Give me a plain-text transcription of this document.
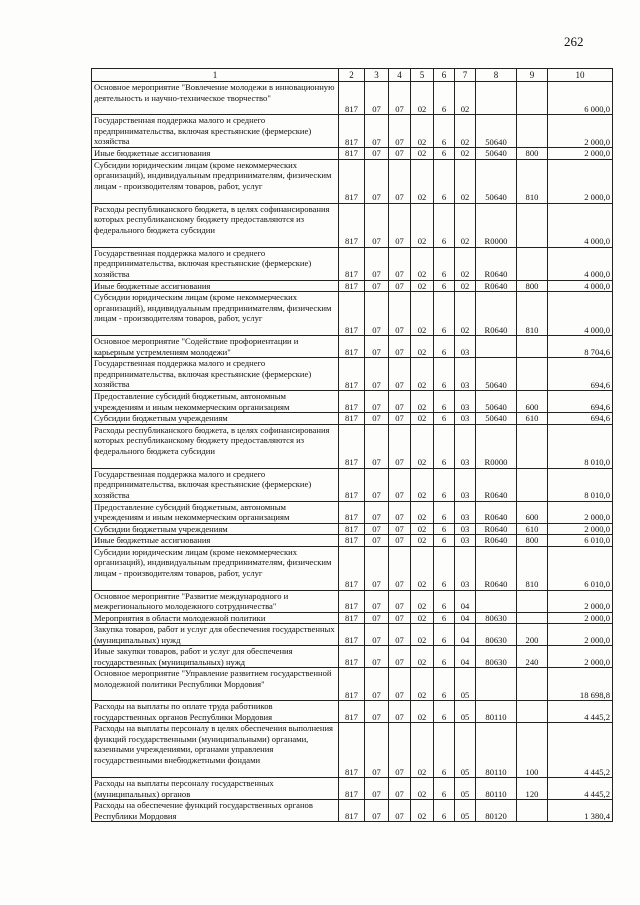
262
1	2	3	4	5	6	7	8	9	10
Основное мероприятие "Вовлечение молодежи в инновационную деятельность и научно-техническое творчество"	817	07	07	02	6	02			6 000,0
Государственная поддержка малого и среднего предпринимательства, включая крестьянские (фермерские) хозяйства	817	07	07	02	6	02	50640		2 000,0
Иные бюджетные ассигнования	817	07	07	02	6	02	50640	800	2 000,0
Субсидии юридическим лицам (кроме некоммерческих организаций), индивидуальным предпринимателям, физическим лицам - производителям товаров, работ, услуг	817	07	07	02	6	02	50640	810	2 000,0
Расходы республиканского бюджета, в целях софинансирования которых республиканскому бюджету предоставляются из федерального бюджета субсидии	817	07	07	02	6	02	R0000		4 000,0
Государственная поддержка малого и среднего предпринимательства, включая крестьянские (фермерские) хозяйства	817	07	07	02	6	02	R0640		4 000,0
Иные бюджетные ассигнования	817	07	07	02	6	02	R0640	800	4 000,0
Субсидии юридическим лицам (кроме некоммерческих организаций), индивидуальным предпринимателям, физическим лицам - производителям товаров, работ, услуг	817	07	07	02	6	02	R0640	810	4 000,0
Основное мероприятие "Содействие профориентации и карьерным устремлениям молодежи"	817	07	07	02	6	03			8 704,6
Государственная поддержка малого и среднего предпринимательства, включая крестьянские (фермерские) хозяйства	817	07	07	02	6	03	50640		694,6
Предоставление субсидий бюджетным, автономным учреждениям и иным некоммерческим организациям	817	07	07	02	6	03	50640	600	694,6
Субсидии бюджетным учреждениям	817	07	07	02	6	03	50640	610	694,6
Расходы республиканского бюджета, в целях софинансирования которых республиканскому бюджету предоставляются из федерального бюджета субсидии	817	07	07	02	6	03	R0000		8 010,0
Государственная поддержка малого и среднего предпринимательства, включая крестьянские (фермерские) хозяйства	817	07	07	02	6	03	R0640		8 010,0
Предоставление субсидий бюджетным, автономным учреждениям и иным некоммерческим организациям	817	07	07	02	6	03	R0640	600	2 000,0
Субсидии бюджетным учреждениям	817	07	07	02	6	03	R0640	610	2 000,0
Иные бюджетные ассигнования	817	07	07	02	6	03	R0640	800	6 010,0
Субсидии юридическим лицам (кроме некоммерческих организаций), индивидуальным предпринимателям, физическим лицам - производителям товаров, работ, услуг	817	07	07	02	6	03	R0640	810	6 010,0
Основное мероприятие "Развитие международного и межрегионального молодежного сотрудничества"	817	07	07	02	6	04			2 000,0
Мероприятия в области молодежной политики	817	07	07	02	6	04	80630		2 000,0
Закупка товаров, работ и услуг для обеспечения государственных (муниципальных) нужд	817	07	07	02	6	04	80630	200	2 000,0
Иные закупки товаров, работ и услуг для обеспечения государственных (муниципальных) нужд	817	07	07	02	6	04	80630	240	2 000,0
Основное мероприятие "Управление развитием государственной молодежной политики Республики Мордовия"	817	07	07	02	6	05			18 698,8
Расходы на выплаты по оплате труда работников государственных органов Республики Мордовия	817	07	07	02	6	05	80110		4 445,2
Расходы на выплаты персоналу в целях обеспечения выполнения функций государственными (муниципальными) органами, казенными учреждениями, органами управления государственными внебюджетными фондами	817	07	07	02	6	05	80110	100	4 445,2
Расходы на выплаты персоналу государственных (муниципальных) органов	817	07	07	02	6	05	80110	120	4 445,2
Расходы на обеспечение функций государственных органов Республики Мордовия	817	07	07	02	6	05	80120		1 380,4
